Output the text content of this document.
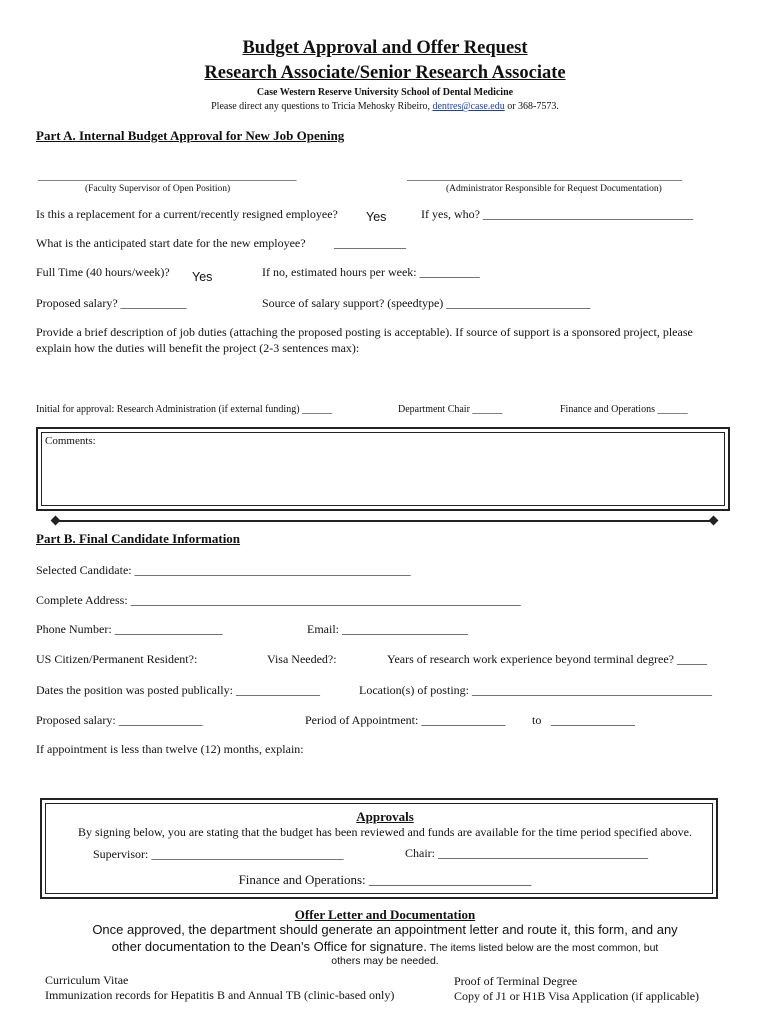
Budget Approval and Offer Request
Research Associate/Senior Research Associate
Case Western Reserve University School of Dental Medicine
Please direct any questions to Tricia Mehosky Ribeiro, dentres@case.edu or 368-7573.
Part A. Internal Budget Approval for New Job Opening
_______________________________________________	__________________________________________________
(Faculty Supervisor of Open Position)	(Administrator Responsible for Request Documentation)
Is this a replacement for a current/recently resigned employee? Yes	If yes, who? ___________________________________
What is the anticipated start date for the new employee? ____________
Full Time (40 hours/week)? Yes	If no, estimated hours per week: __________
Proposed salary? ___________	Source of salary support? (speedtype) ________________________
Provide a brief description of job duties (attaching the proposed posting is acceptable). If source of support is a sponsored project, please
explain how the duties will benefit the project (2-3 sentences max):
Initial for approval: Research Administration (if external funding) ______	Department Chair ______	Finance and Operations ______
Comments:
Part B. Final Candidate Information
Selected Candidate: ______________________________________________
Complete Address: _________________________________________________________________
Phone Number: __________________	Email: _____________________
US Citizen/Permanent Resident?:	Visa Needed?:	Years of research work experience beyond terminal degree? _____
Dates the position was posted publically: ______________	Location(s) of posting: ________________________________________
Proposed salary: ______________	Period of Appointment: ______________ to ______________
If appointment is less than twelve (12) months, explain:
Approvals
By signing below, you are stating that the budget has been reviewed and funds are available for the time period specified above.
Supervisor: ________________________________	Chair: ___________________________________
Finance and Operations: _________________________
Offer Letter and Documentation
Once approved, the department should generate an appointment letter and route it, this form, and any
other documentation to the Dean's Office for signature. The items listed below are the most common, but
others may be needed.
Curriculum Vitae
Immunization records for Hepatitis B and Annual TB (clinic-based only)
Proof of Terminal Degree
Copy of J1 or H1B Visa Application (if applicable)
